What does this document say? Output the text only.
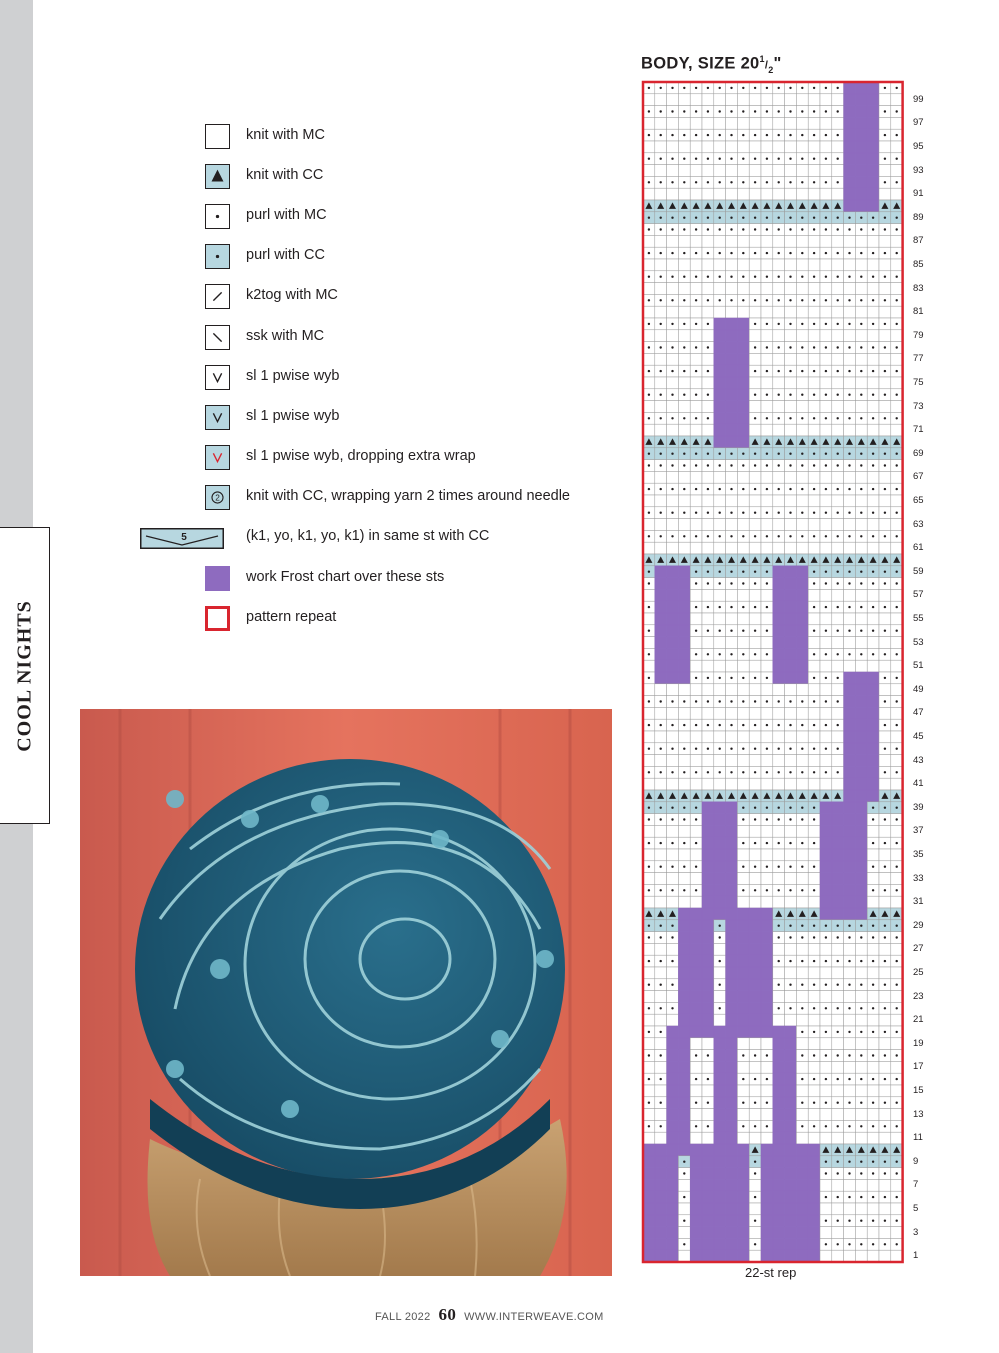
COOL NIGHTS
knit with MC
knit with CC
purl with MC
purl with CC
k2tog with MC
ssk with MC
sl 1 pwise wyb
sl 1 pwise wyb
sl 1 pwise wyb, dropping extra wrap
2 knit with CC, wrapping yarn 2 times around needle
5	(k1, yo, k1, yo, k1) in same st with CC
work Frost chart over these sts
pattern repeat
BODY, SIZE $20^1/_2$"
99
97
95
93
91
89
87
85
83
81
79
77
75
73
71
69
67
65
63
61
59
57
55
53
51
49
47
45
43
41
39
37
35
33
31
29
27
25
23
21
19
17
15
13
11
9
7
5
3
1
22-st rep
FALL 2022 60 WWW.INTERWEAVE.COM
